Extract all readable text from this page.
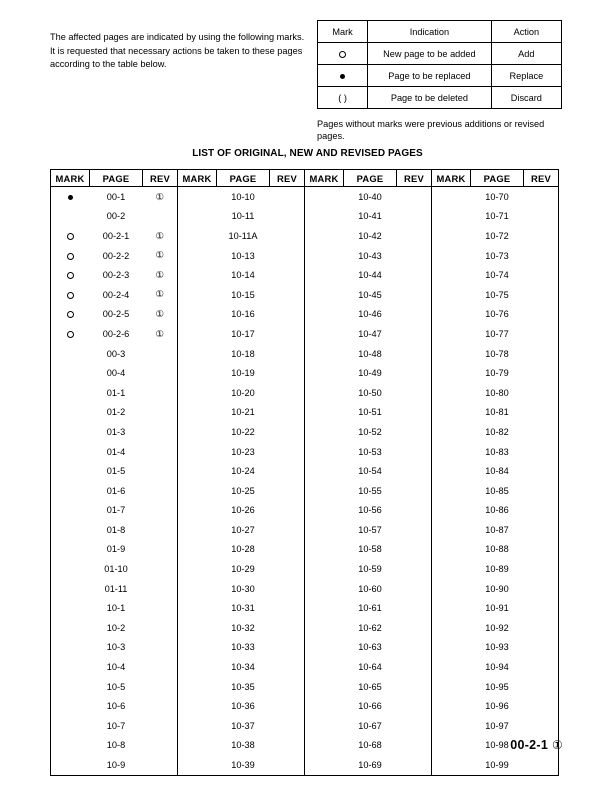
The affected pages are indicated by using the following marks. It is requested that necessary actions be taken to these pages according to the table below.

Mark	Indication	Action
	New page to be added	Add
	Page to be replaced	Replace
( )	Page to be deleted	Discard

Pages without marks were previous additions or revised pages.

LIST OF ORIGINAL, NEW AND REVISED PAGES
MARK	PAGE	REV	MARK	PAGE	REV	MARK	PAGE	REV	MARK	PAGE	REV
	00-1	①		10-10			10-40			10-70	
	00-2			10-11			10-41			10-71	
	00-2-1	①		10-11A			10-42			10-72	
	00-2-2	①		10-13			10-43			10-73	
	00-2-3	①		10-14			10-44			10-74	
	00-2-4	①		10-15			10-45			10-75	
	00-2-5	①		10-16			10-46			10-76	
	00-2-6	①		10-17			10-47			10-77	
	00-3			10-18			10-48			10-78	
	00-4			10-19			10-49			10-79	
	01-1			10-20			10-50			10-80	
	01-2			10-21			10-51			10-81	
	01-3			10-22			10-52			10-82	
	01-4			10-23			10-53			10-83	
	01-5			10-24			10-54			10-84	
	01-6			10-25			10-55			10-85	
	01-7			10-26			10-56			10-86	
	01-8			10-27			10-57			10-87	
	01-9			10-28			10-58			10-88	
	01-10			10-29			10-59			10-89	
	01-11			10-30			10-60			10-90	
	10-1			10-31			10-61			10-91	
	10-2			10-32			10-62			10-92	
	10-3			10-33			10-63			10-93	
	10-4			10-34			10-64			10-94	
	10-5			10-35			10-65			10-95	
	10-6			10-36			10-66			10-96	
	10-7			10-37			10-67			10-97	
	10-8			10-38			10-68			10-98	
	10-9			10-39			10-69			10-99	
00-2-1 ①
